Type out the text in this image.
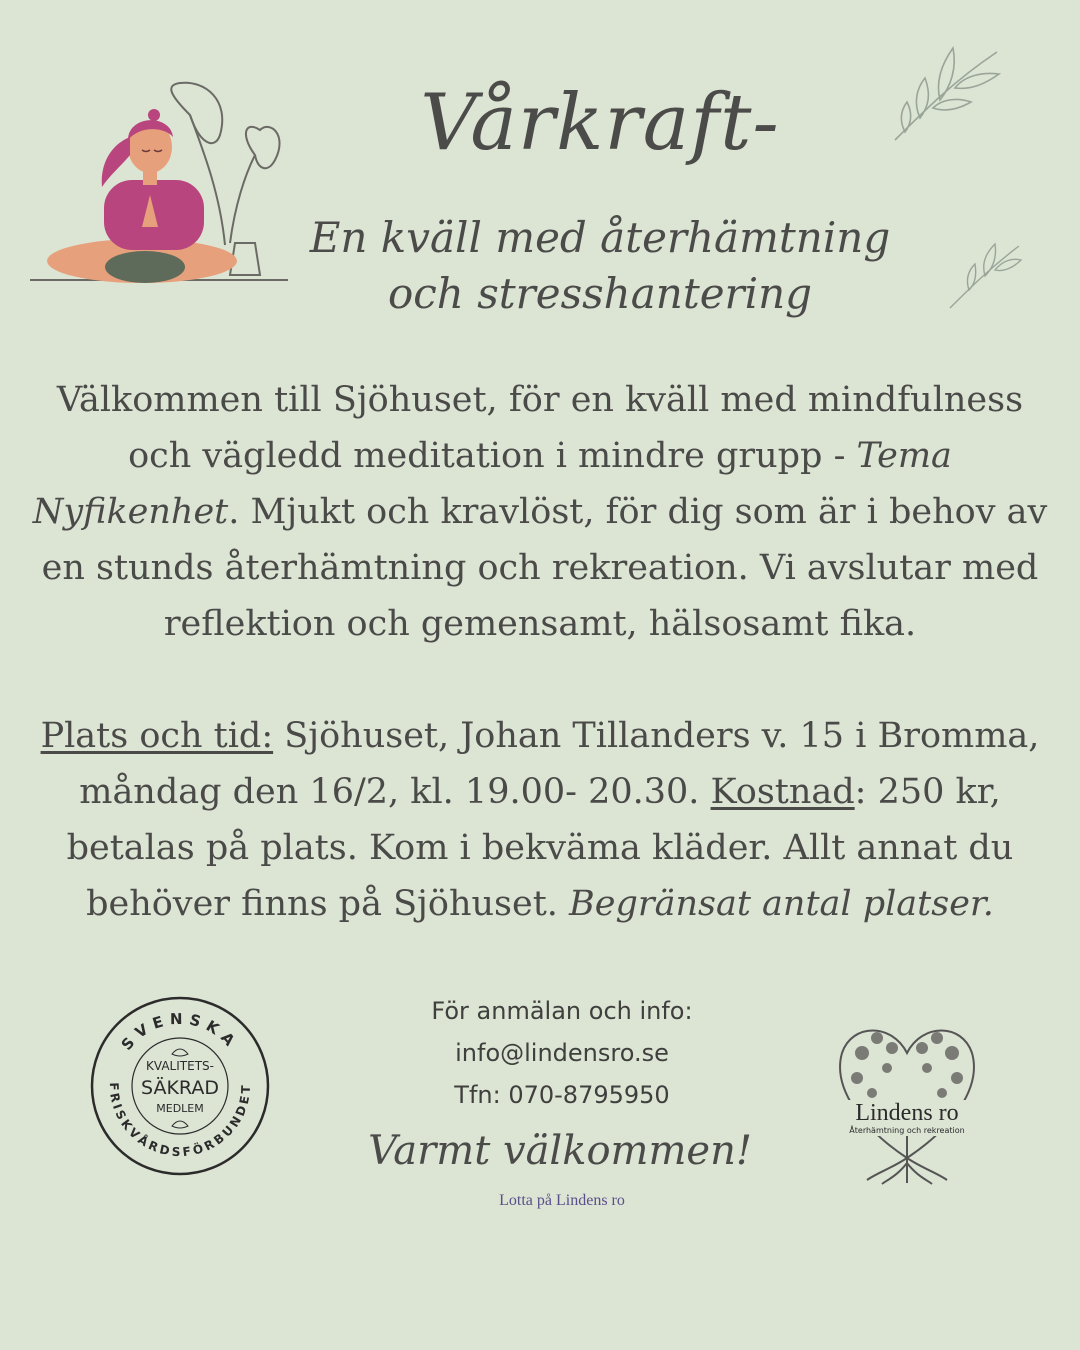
Vårkraft-
En kväll med återhämtning
och stresshantering
Välkommen till Sjöhuset, för en kväll med mindfulness och vägledd meditation i mindre grupp - Tema Nyfikenhet. Mjukt och kravlöst, för dig som är i behov av en stunds återhämtning och rekreation. Vi avslutar med reflektion och gemensamt, hälsosamt fika.
Plats och tid: Sjöhuset, Johan Tillanders v. 15 i Bromma, måndag den 16/2, kl. 19.00- 20.30. Kostnad: 250 kr, betalas på plats. Kom i bekväma kläder. Allt annat du behöver finns på Sjöhuset. Begränsat antal platser.
SVENSKA
FRISKVÅRDSFÖRBUNDET
KVALITETS-
SÄKRAD
MEDLEM
För anmälan och info:
info@lindensro.se
Tfn: 070-8795950
Varmt välkommen!
Lotta på Lindens ro
Lindens ro
Återhämtning och rekreation
